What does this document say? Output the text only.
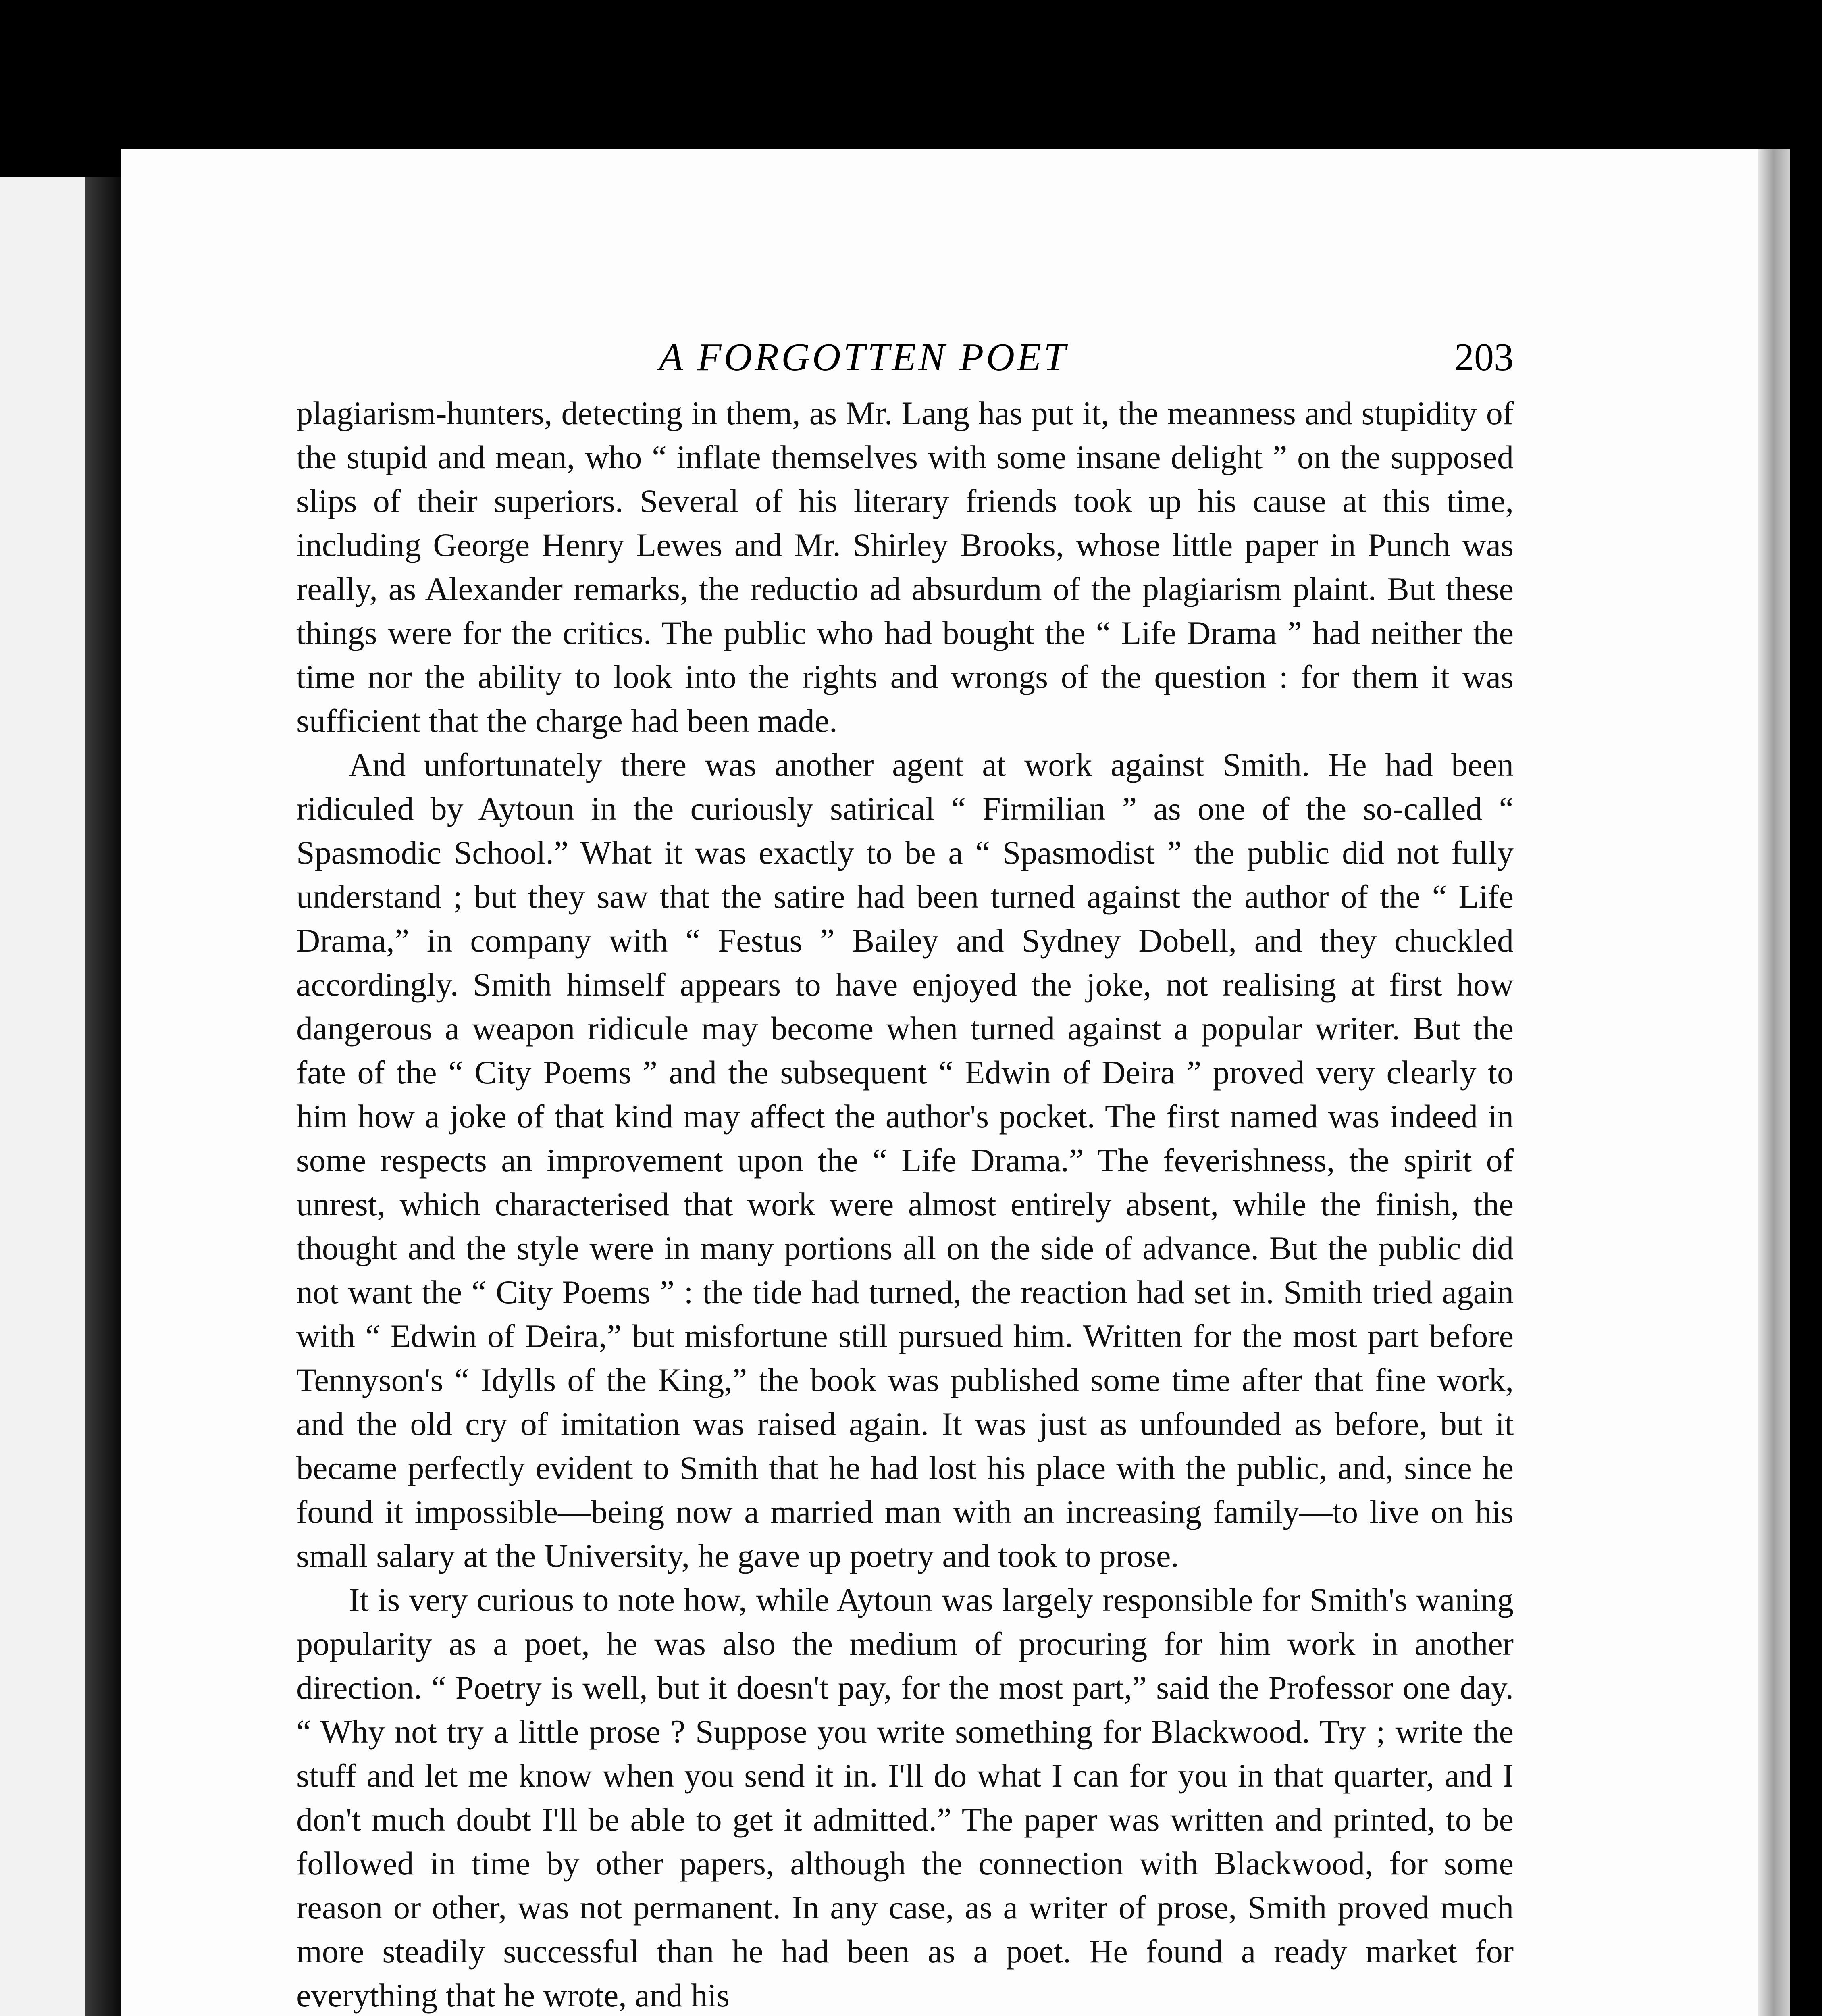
A FORGOTTEN POET	203

plagiarism-hunters, detecting in them, as Mr. Lang has put it, the meanness and stupidity of the stupid and mean, who “ inflate themselves with some insane delight ” on the supposed slips of their superiors. Several of his literary friends took up his cause at this time, including George Henry Lewes and Mr. Shirley Brooks, whose little paper in Punch was really, as Alexander remarks, the reductio ad absurdum of the plagiarism plaint. But these things were for the critics. The public who had bought the “ Life Drama ” had neither the time nor the ability to look into the rights and wrongs of the question : for them it was sufficient that the charge had been made.

And unfortunately there was another agent at work against Smith. He had been ridiculed by Aytoun in the curiously satirical “ Firmilian ” as one of the so-called “ Spasmodic School.” What it was exactly to be a “ Spasmodist ” the public did not fully understand ; but they saw that the satire had been turned against the author of the “ Life Drama,” in company with “ Festus ” Bailey and Sydney Dobell, and they chuckled accordingly. Smith himself appears to have enjoyed the joke, not realising at first how dangerous a weapon ridicule may become when turned against a popular writer. But the fate of the “ City Poems ” and the subsequent “ Edwin of Deira ” proved very clearly to him how a joke of that kind may affect the author's pocket. The first named was indeed in some respects an improvement upon the “ Life Drama.” The feverishness, the spirit of unrest, which characterised that work were almost entirely absent, while the finish, the thought and the style were in many portions all on the side of advance. But the public did not want the “ City Poems ” : the tide had turned, the reaction had set in. Smith tried again with “ Edwin of Deira,” but misfortune still pursued him. Written for the most part before Tennyson's “ Idylls of the King,” the book was published some time after that fine work, and the old cry of imitation was raised again. It was just as unfounded as before, but it became perfectly evident to Smith that he had lost his place with the public, and, since he found it impossible—being now a married man with an increasing family—to live on his small salary at the University, he gave up poetry and took to prose.

It is very curious to note how, while Aytoun was largely responsible for Smith's waning popularity as a poet, he was also the medium of procuring for him work in another direction. “ Poetry is well, but it doesn't pay, for the most part,” said the Professor one day. “ Why not try a little prose ? Suppose you write something for Blackwood. Try ; write the stuff and let me know when you send it in. I'll do what I can for you in that quarter, and I don't much doubt I'll be able to get it admitted.” The paper was written and printed, to be followed in time by other papers, although the connection with Blackwood, for some reason or other, was not permanent. In any case, as a writer of prose, Smith proved much more steadily successful than he had been as a poet. He found a ready market for everything that he wrote, and his
